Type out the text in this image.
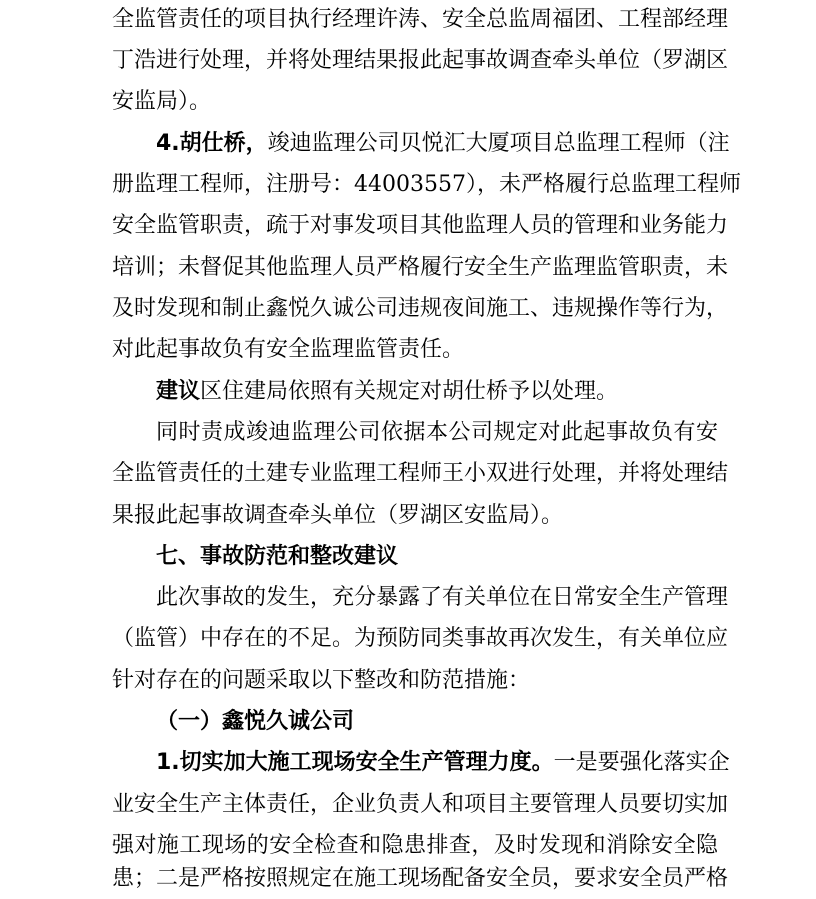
全监管责任的项目执行经理许涛、安全总监周福团、工程部经理
丁浩进行处理，并将处理结果报此起事故调查牵头单位（罗湖区
安监局）。
4.胡仕桥，竣迪监理公司贝悦汇大厦项目总监理工程师（注
册监理工程师，注册号：44003557），未严格履行总监理工程师
安全监管职责，疏于对事发项目其他监理人员的管理和业务能力
培训；未督促其他监理人员严格履行安全生产监理监管职责，未
及时发现和制止鑫悦久诚公司违规夜间施工、违规操作等行为，
对此起事故负有安全监理监管责任。
建议区住建局依照有关规定对胡仕桥予以处理。
同时责成竣迪监理公司依据本公司规定对此起事故负有安
全监管责任的土建专业监理工程师王小双进行处理，并将处理结
果报此起事故调查牵头单位（罗湖区安监局）。
七、事故防范和整改建议
此次事故的发生，充分暴露了有关单位在日常安全生产管理
（监管）中存在的不足。为预防同类事故再次发生，有关单位应
针对存在的问题采取以下整改和防范措施：
（一）鑫悦久诚公司
1.切实加大施工现场安全生产管理力度。一是要强化落实企
业安全生产主体责任，企业负责人和项目主要管理人员要切实加
强对施工现场的安全检查和隐患排查，及时发现和消除安全隐
患；二是严格按照规定在施工现场配备安全员，要求安全员严格
